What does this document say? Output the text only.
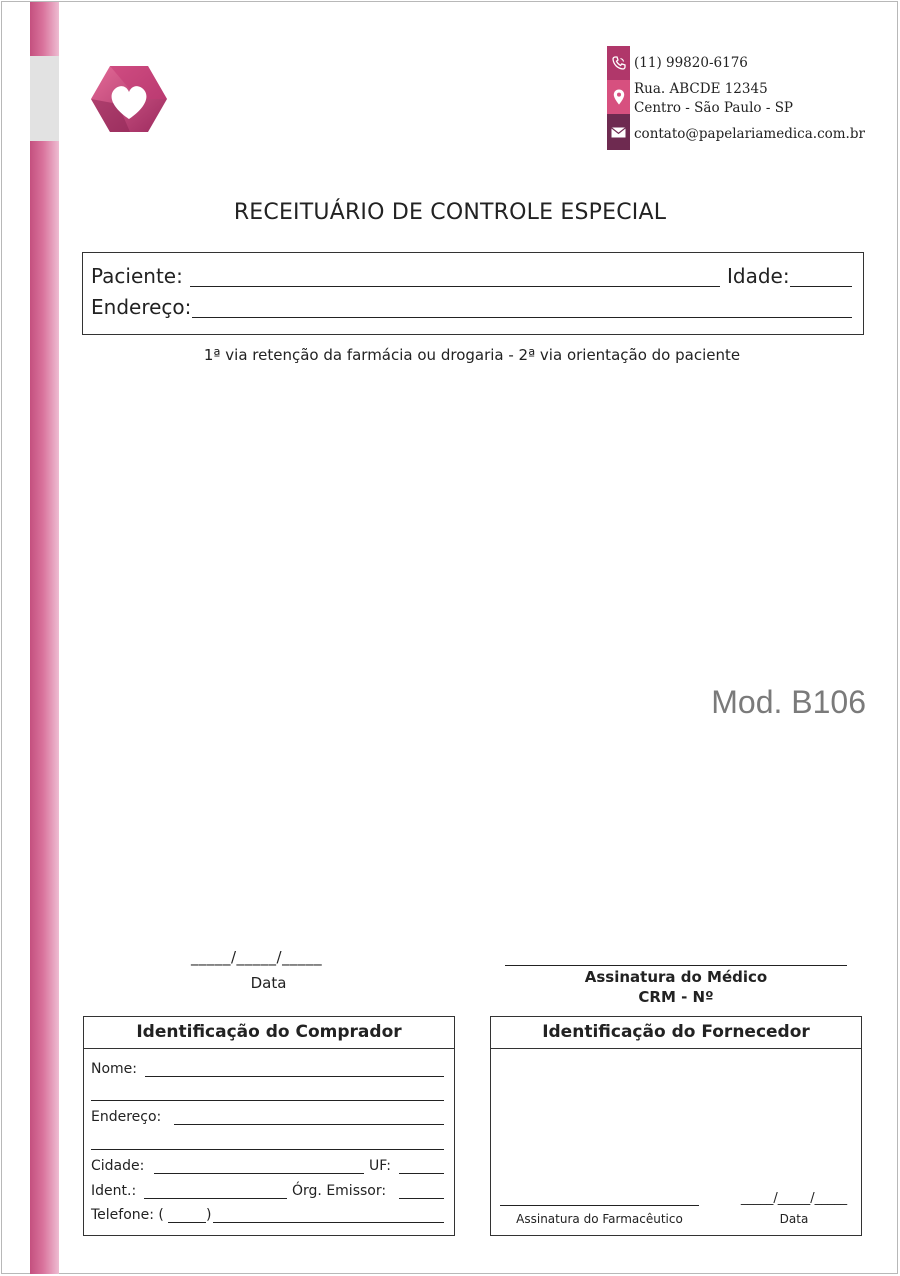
(11) 99820-6176
Rua. ABCDE 12345
Centro - São Paulo - SP
contato@papelariamedica.com.br
RECEITUÁRIO DE CONTROLE ESPECIAL
Paciente:	Idade:
Endereço:
1ª via retenção da farmácia ou drogaria - 2ª via orientação do paciente
Mod. B106
_____/_____/_____
Data	Assinatura do Médico
CRM - Nº
Identificação do Comprador
Nome:
Endereço:
Cidade:	UF:
Ident.:	Órg. Emissor:
Telefone: (	)
Identificação do Fornecedor
Assinatura do Farmacêutico
_____/_____/_____
Data
